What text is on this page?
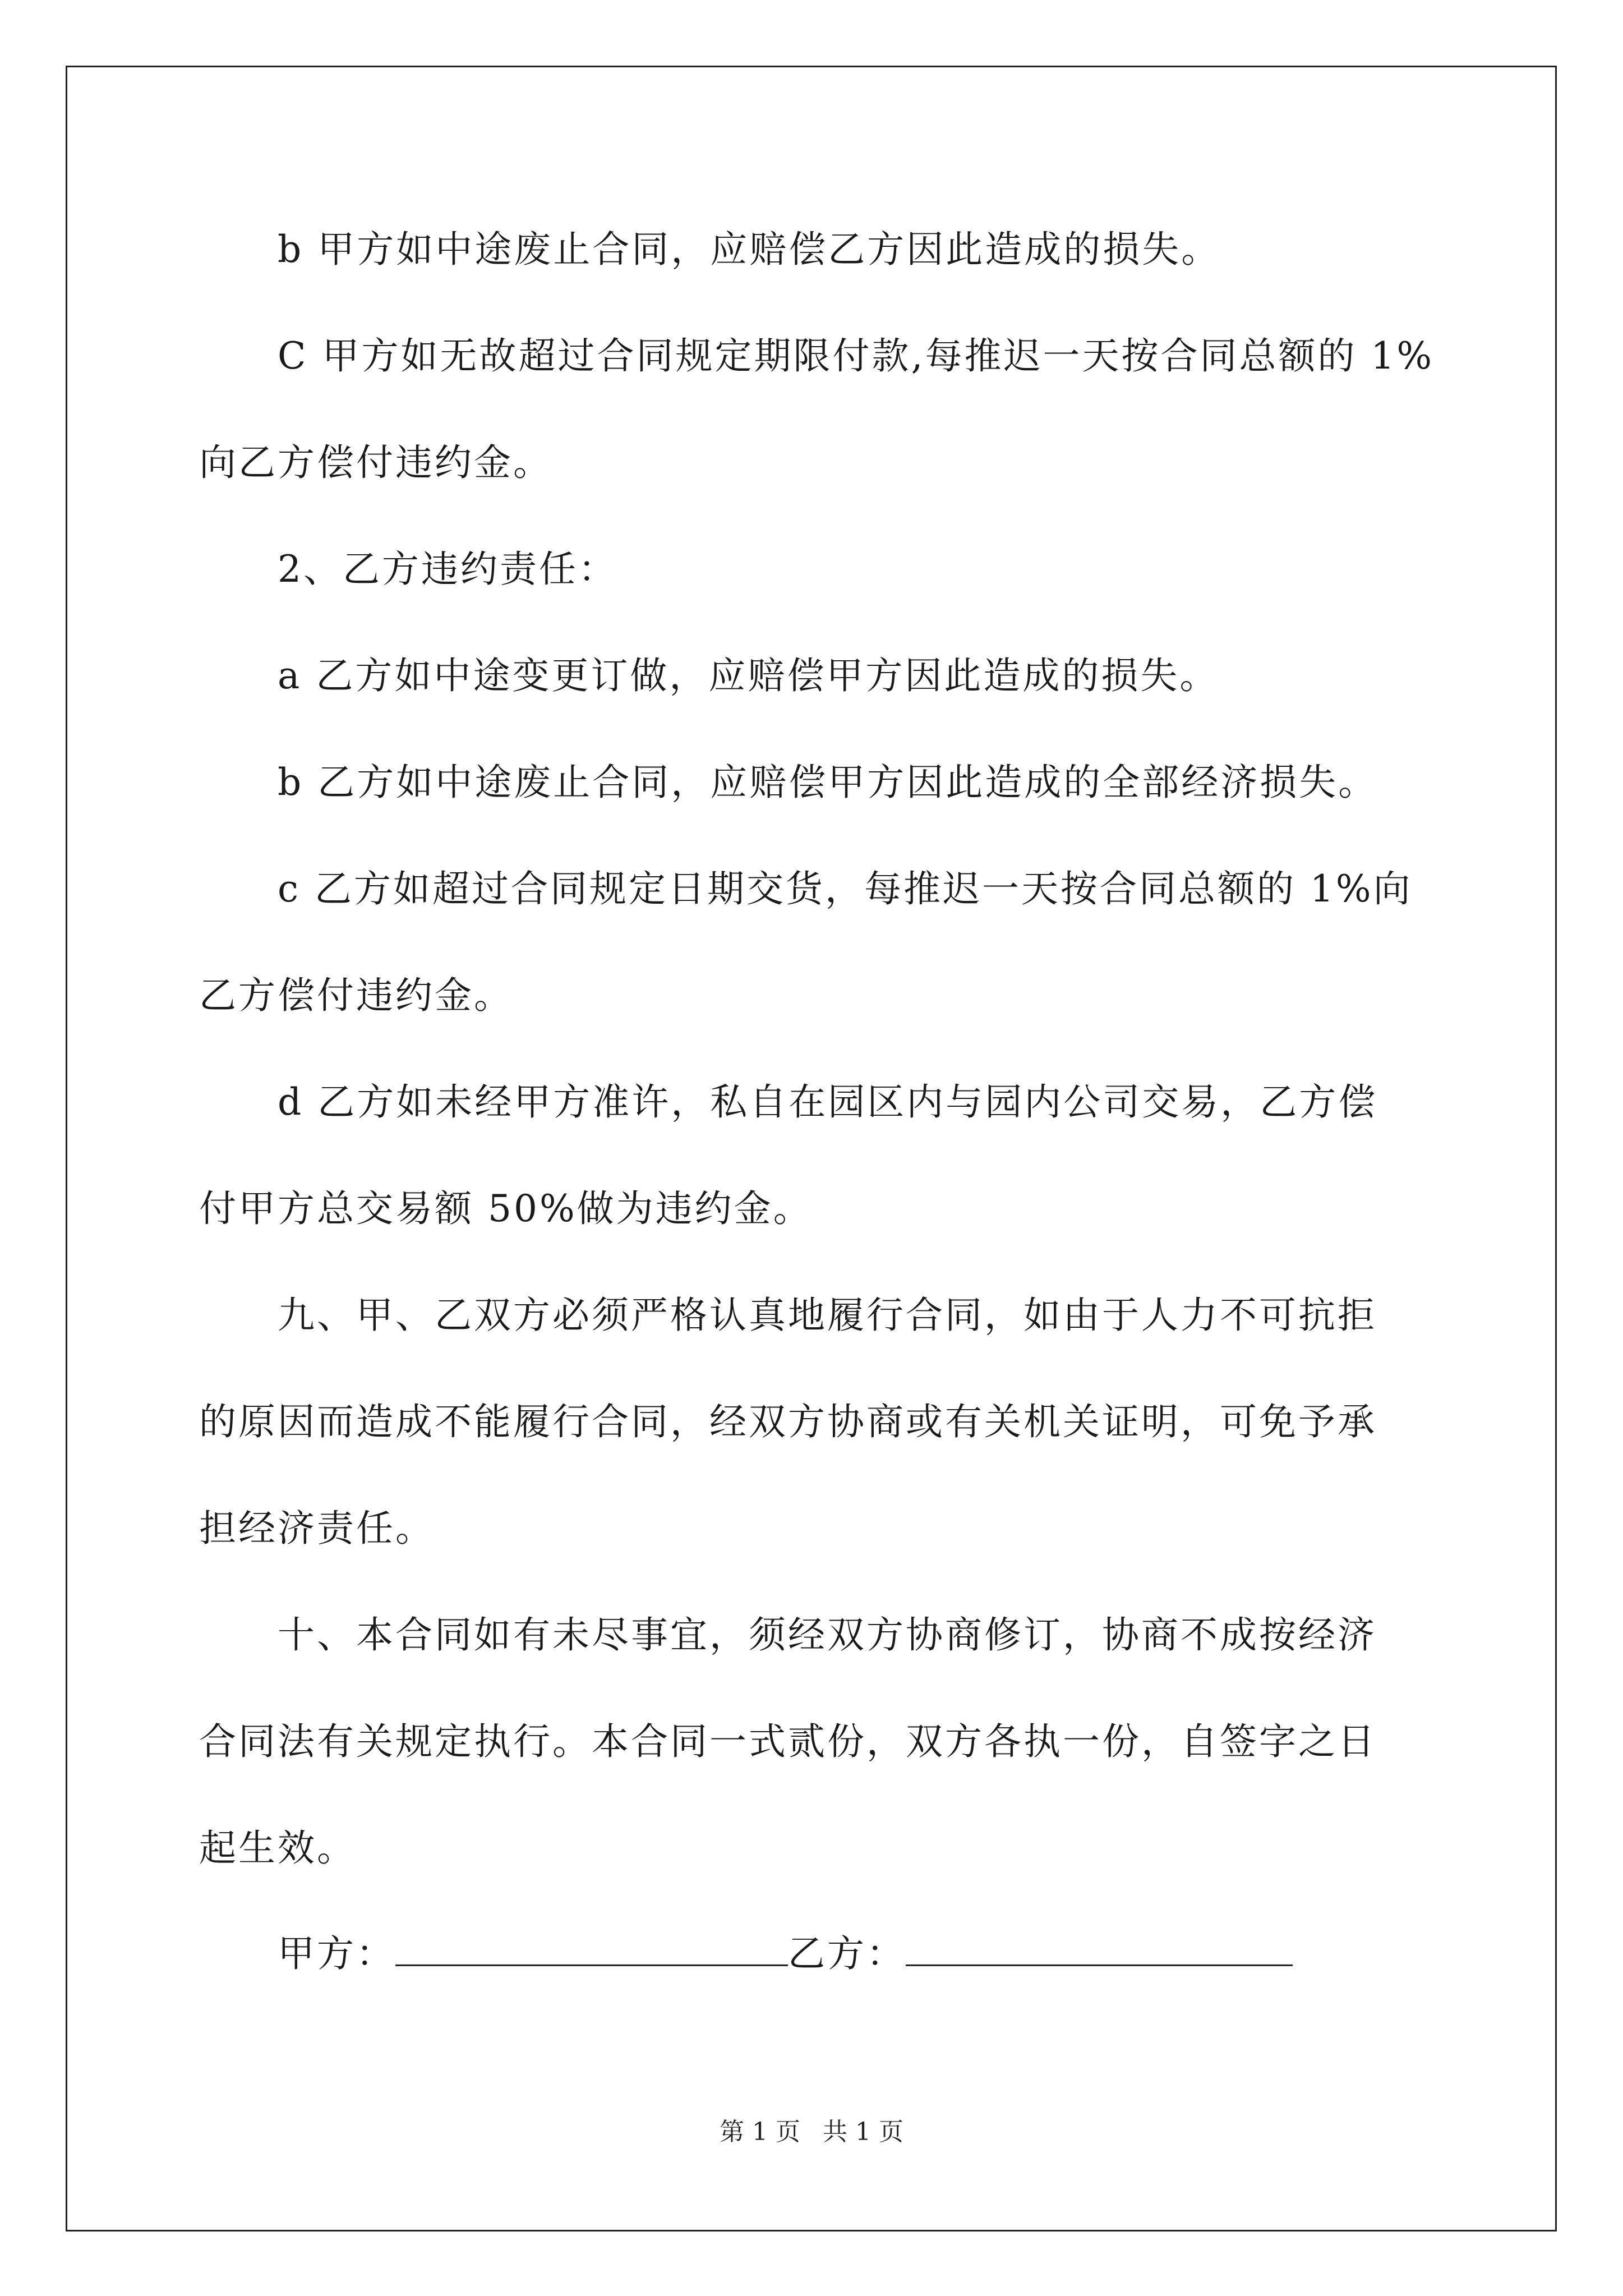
b 甲方如中途废止合同，应赔偿乙方因此造成的损失。
C 甲方如无故超过合同规定期限付款,每推迟一天按合同总额的 1%
向乙方偿付违约金。
2、乙方违约责任：
a 乙方如中途变更订做，应赔偿甲方因此造成的损失。
b 乙方如中途废止合同，应赔偿甲方因此造成的全部经济损失。
c 乙方如超过合同规定日期交货，每推迟一天按合同总额的 1%向
乙方偿付违约金。
d 乙方如未经甲方准许，私自在园区内与园内公司交易，乙方偿
付甲方总交易额 50%做为违约金。
九、甲、乙双方必须严格认真地履行合同，如由于人力不可抗拒
的原因而造成不能履行合同，经双方协商或有关机关证明，可免予承
担经济责任。
十、本合同如有未尽事宜，须经双方协商修订，协商不成按经济
合同法有关规定执行。本合同一式贰份，双方各执一份，自签字之日
起生效。
甲方：	乙方：
第 1 页 共 1 页
